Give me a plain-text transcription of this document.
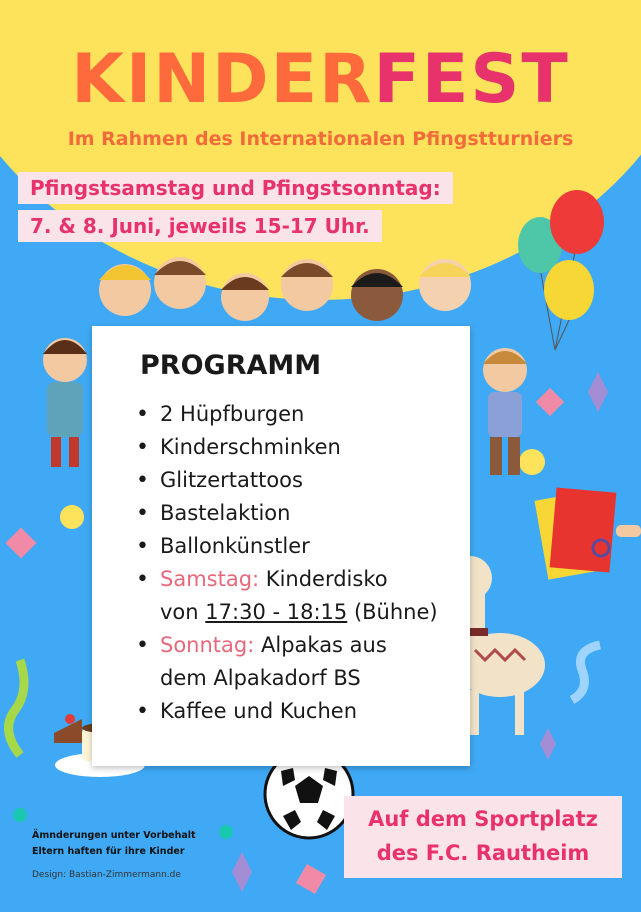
KINDERFEST
Im Rahmen des Internationalen Pfingstturniers
Pfingstsamstag und Pfingstsonntag:
7. & 8. Juni, jeweils 15-17 Uhr.
PROGRAMM
• 2 Hüpfburgen
• Kinderschminken
• Glitzertattoos
• Bastelaktion
• Ballonkünstler
• Samstag: Kinderdisko
von 17:30 - 18:15 (Bühne)
• Sonntag: Alpakas aus
dem Alpakadorf BS
• Kaffee und Kuchen
Auf dem Sportplatz
des F.C. Rautheim
Ämnderungen unter Vorbehalt
Eltern haften für ihre Kinder
Design: Bastian-Zimmermann.de
